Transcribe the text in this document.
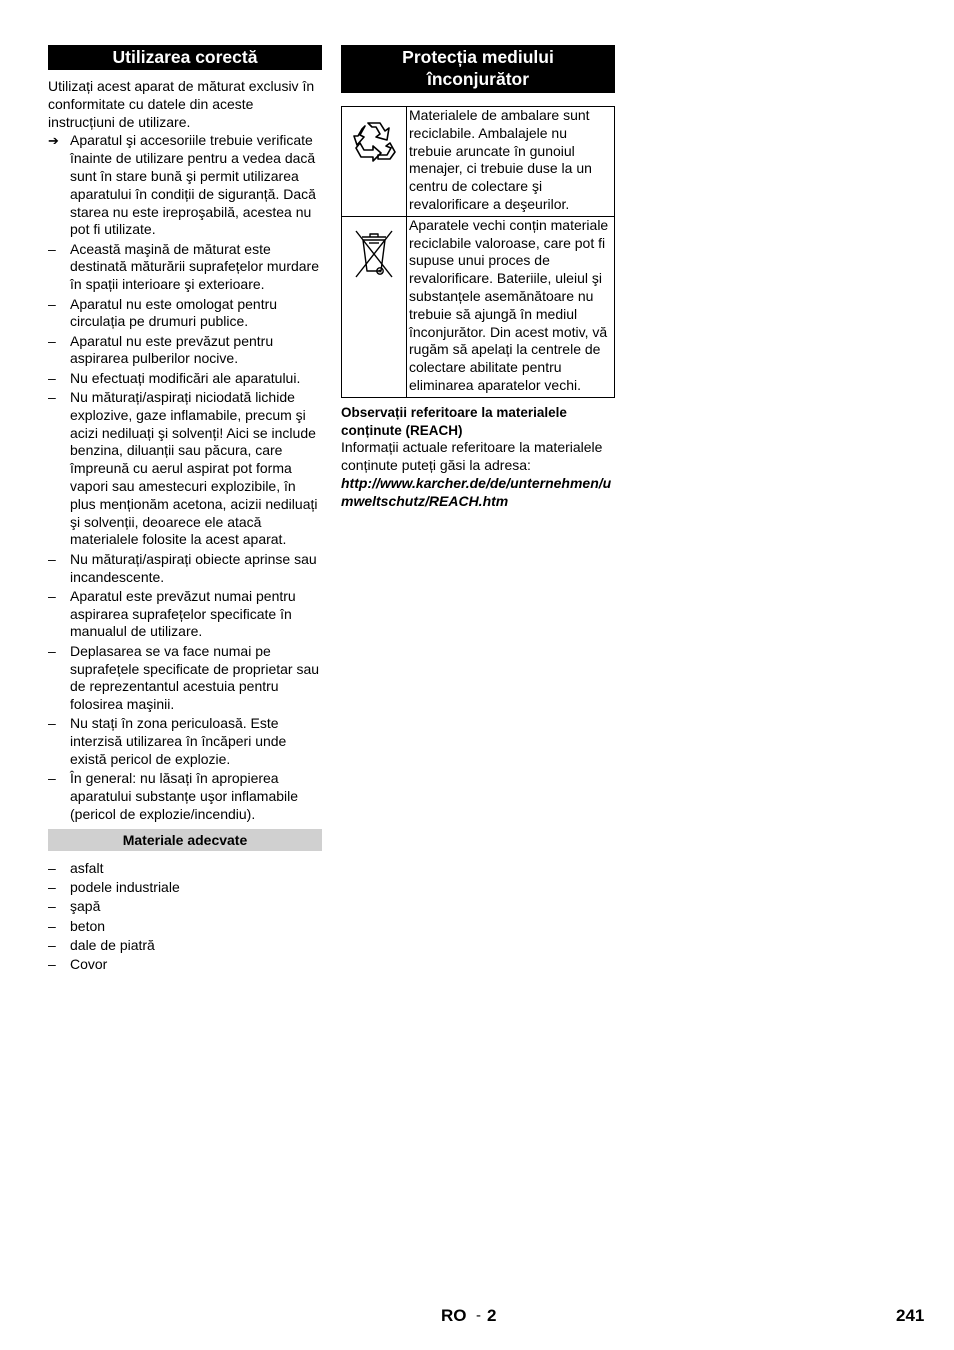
Utilizarea corectă

Utilizați acest aparat de măturat exclusiv în conformitate cu datele din aceste instrucțiuni de utilizare.

➔ Aparatul şi accesoriile trebuie verificate înainte de utilizare pentru a vedea dacă sunt în stare bună şi permit utilizarea aparatului în condiții de siguranță. Dacă starea nu este ireproşabilă, acestea nu pot fi utilizate.
–	Această maşină de măturat este destinată măturării suprafețelor murdare în spații interioare şi exterioare.
–	Aparatul nu este omologat pentru circulația pe drumuri publice.
–	Aparatul nu este prevăzut pentru aspirarea pulberilor nocive.
–	Nu efectuați modificări ale aparatului.
–	Nu măturați/aspirați niciodată lichide explozive, gaze inflamabile, precum şi acizi nediluați şi solvenți! Aici se include benzina, diluanții sau păcura, care împreună cu aerul aspirat pot forma vapori sau amestecuri explozibile, în plus menționăm acetona, acizii nediluați şi solvenții, deoarece ele atacă materialele folosite la acest aparat.
–	Nu măturați/aspirați obiecte aprinse sau incandescente.
–	Aparatul este prevăzut numai pentru aspirarea suprafețelor specificate în manualul de utilizare.
–	Deplasarea se va face numai pe suprafețele specificate de proprietar sau de reprezentantul acestuia pentru folosirea maşinii.
–	Nu stați în zona periculoasă. Este interzisă utilizarea în încăperi unde există pericol de explozie.
–	În general: nu lăsați în apropierea aparatului substanțe uşor inflamabile (pericol de explozie/incendiu).
Materiale adecvate
–	asfalt
–	podele industriale
–	şapă
–	beton
–	dale de piatră
–	Covor
Protecția mediului
înconjurător
	Materialele de ambalare sunt reciclabile. Ambalajele nu trebuie aruncate în gunoiul menajer, ci trebuie duse la un centru de colectare şi revalorificare a deşeurilor.

R	Aparatele vechi conțin materiale reciclabile valoroase, care pot fi supuse unui proces de revalorificare. Bateriile, uleiul şi substanțele asemănătoare nu trebuie să ajungă în mediul înconjurător. Din acest motiv, vă rugăm să apelați la centrele de colectare abilitate pentru eliminarea aparatelor vechi.

Observații referitoare la materialele conținute (REACH)

Informații actuale referitoare la materialele conținute puteți găsi la adresa:

http://www.karcher.de/de/unternehmen/umweltschutz/REACH.htm

RO - 2	241
